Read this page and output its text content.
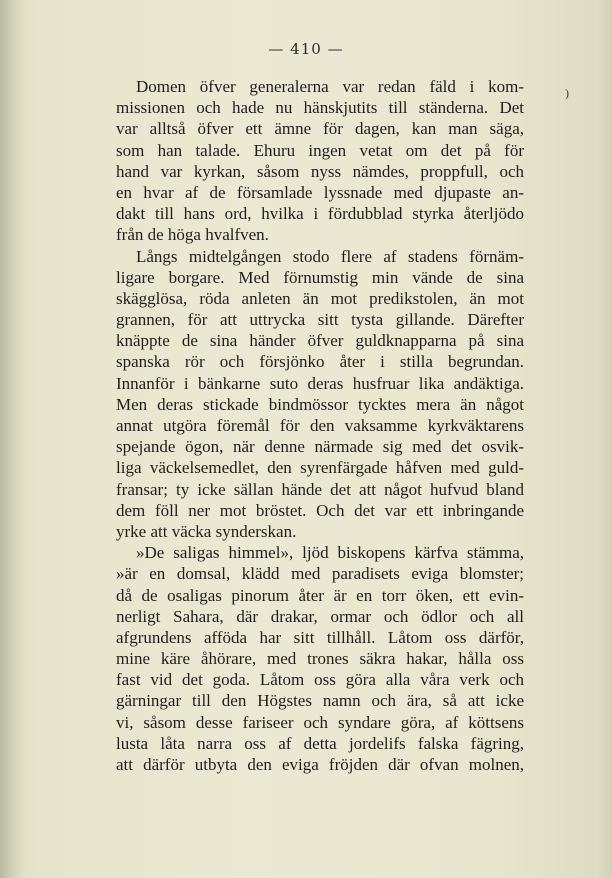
— 410 —
)
Domen öfver generalerna var redan fäld i kom-
missionen och hade nu hänskjutits till ständerna. Det
var alltså öfver ett ämne för dagen, kan man säga,
som han talade. Ehuru ingen vetat om det på för
hand var kyrkan, såsom nyss nämdes, proppfull, och
en hvar af de församlade lyssnade med djupaste an-
dakt till hans ord, hvilka i fördubblad styrka återljödo
från de höga hvalfven.
Långs midtelgången stodo flere af stadens förnäm-
ligare borgare. Med förnumstig min vände de sina
skägglösa, röda anleten än mot predikstolen, än mot
grannen, för att uttrycka sitt tysta gillande. Därefter
knäppte de sina händer öfver guldknapparna på sina
spanska rör och försjönko åter i stilla begrundan.
Innanför i bänkarne suto deras husfruar lika andäktiga.
Men deras stickade bindmössor tycktes mera än något
annat utgöra föremål för den vaksamme kyrkväktarens
spejande ögon, när denne närmade sig med det osvik-
liga väckelsemedlet, den syrenfärgade håfven med guld-
fransar; ty icke sällan hände det att något hufvud bland
dem föll ner mot bröstet. Och det var ett inbringande
yrke att väcka synderskan.
»De saligas himmel», ljöd biskopens kärfva stämma,
»är en domsal, klädd med paradisets eviga blomster;
då de osaligas pinorum åter är en torr öken, ett evin-
nerligt Sahara, där drakar, ormar och ödlor och all
afgrundens afföda har sitt tillhåll. Låtom oss därför,
mine käre åhörare, med trones säkra hakar, hålla oss
fast vid det goda. Låtom oss göra alla våra verk och
gärningar till den Högstes namn och ära, så att icke
vi, såsom desse fariseer och syndare göra, af köttsens
lusta låta narra oss af detta jordelifs falska fägring,
att därför utbyta den eviga fröjden där ofvan molnen,
